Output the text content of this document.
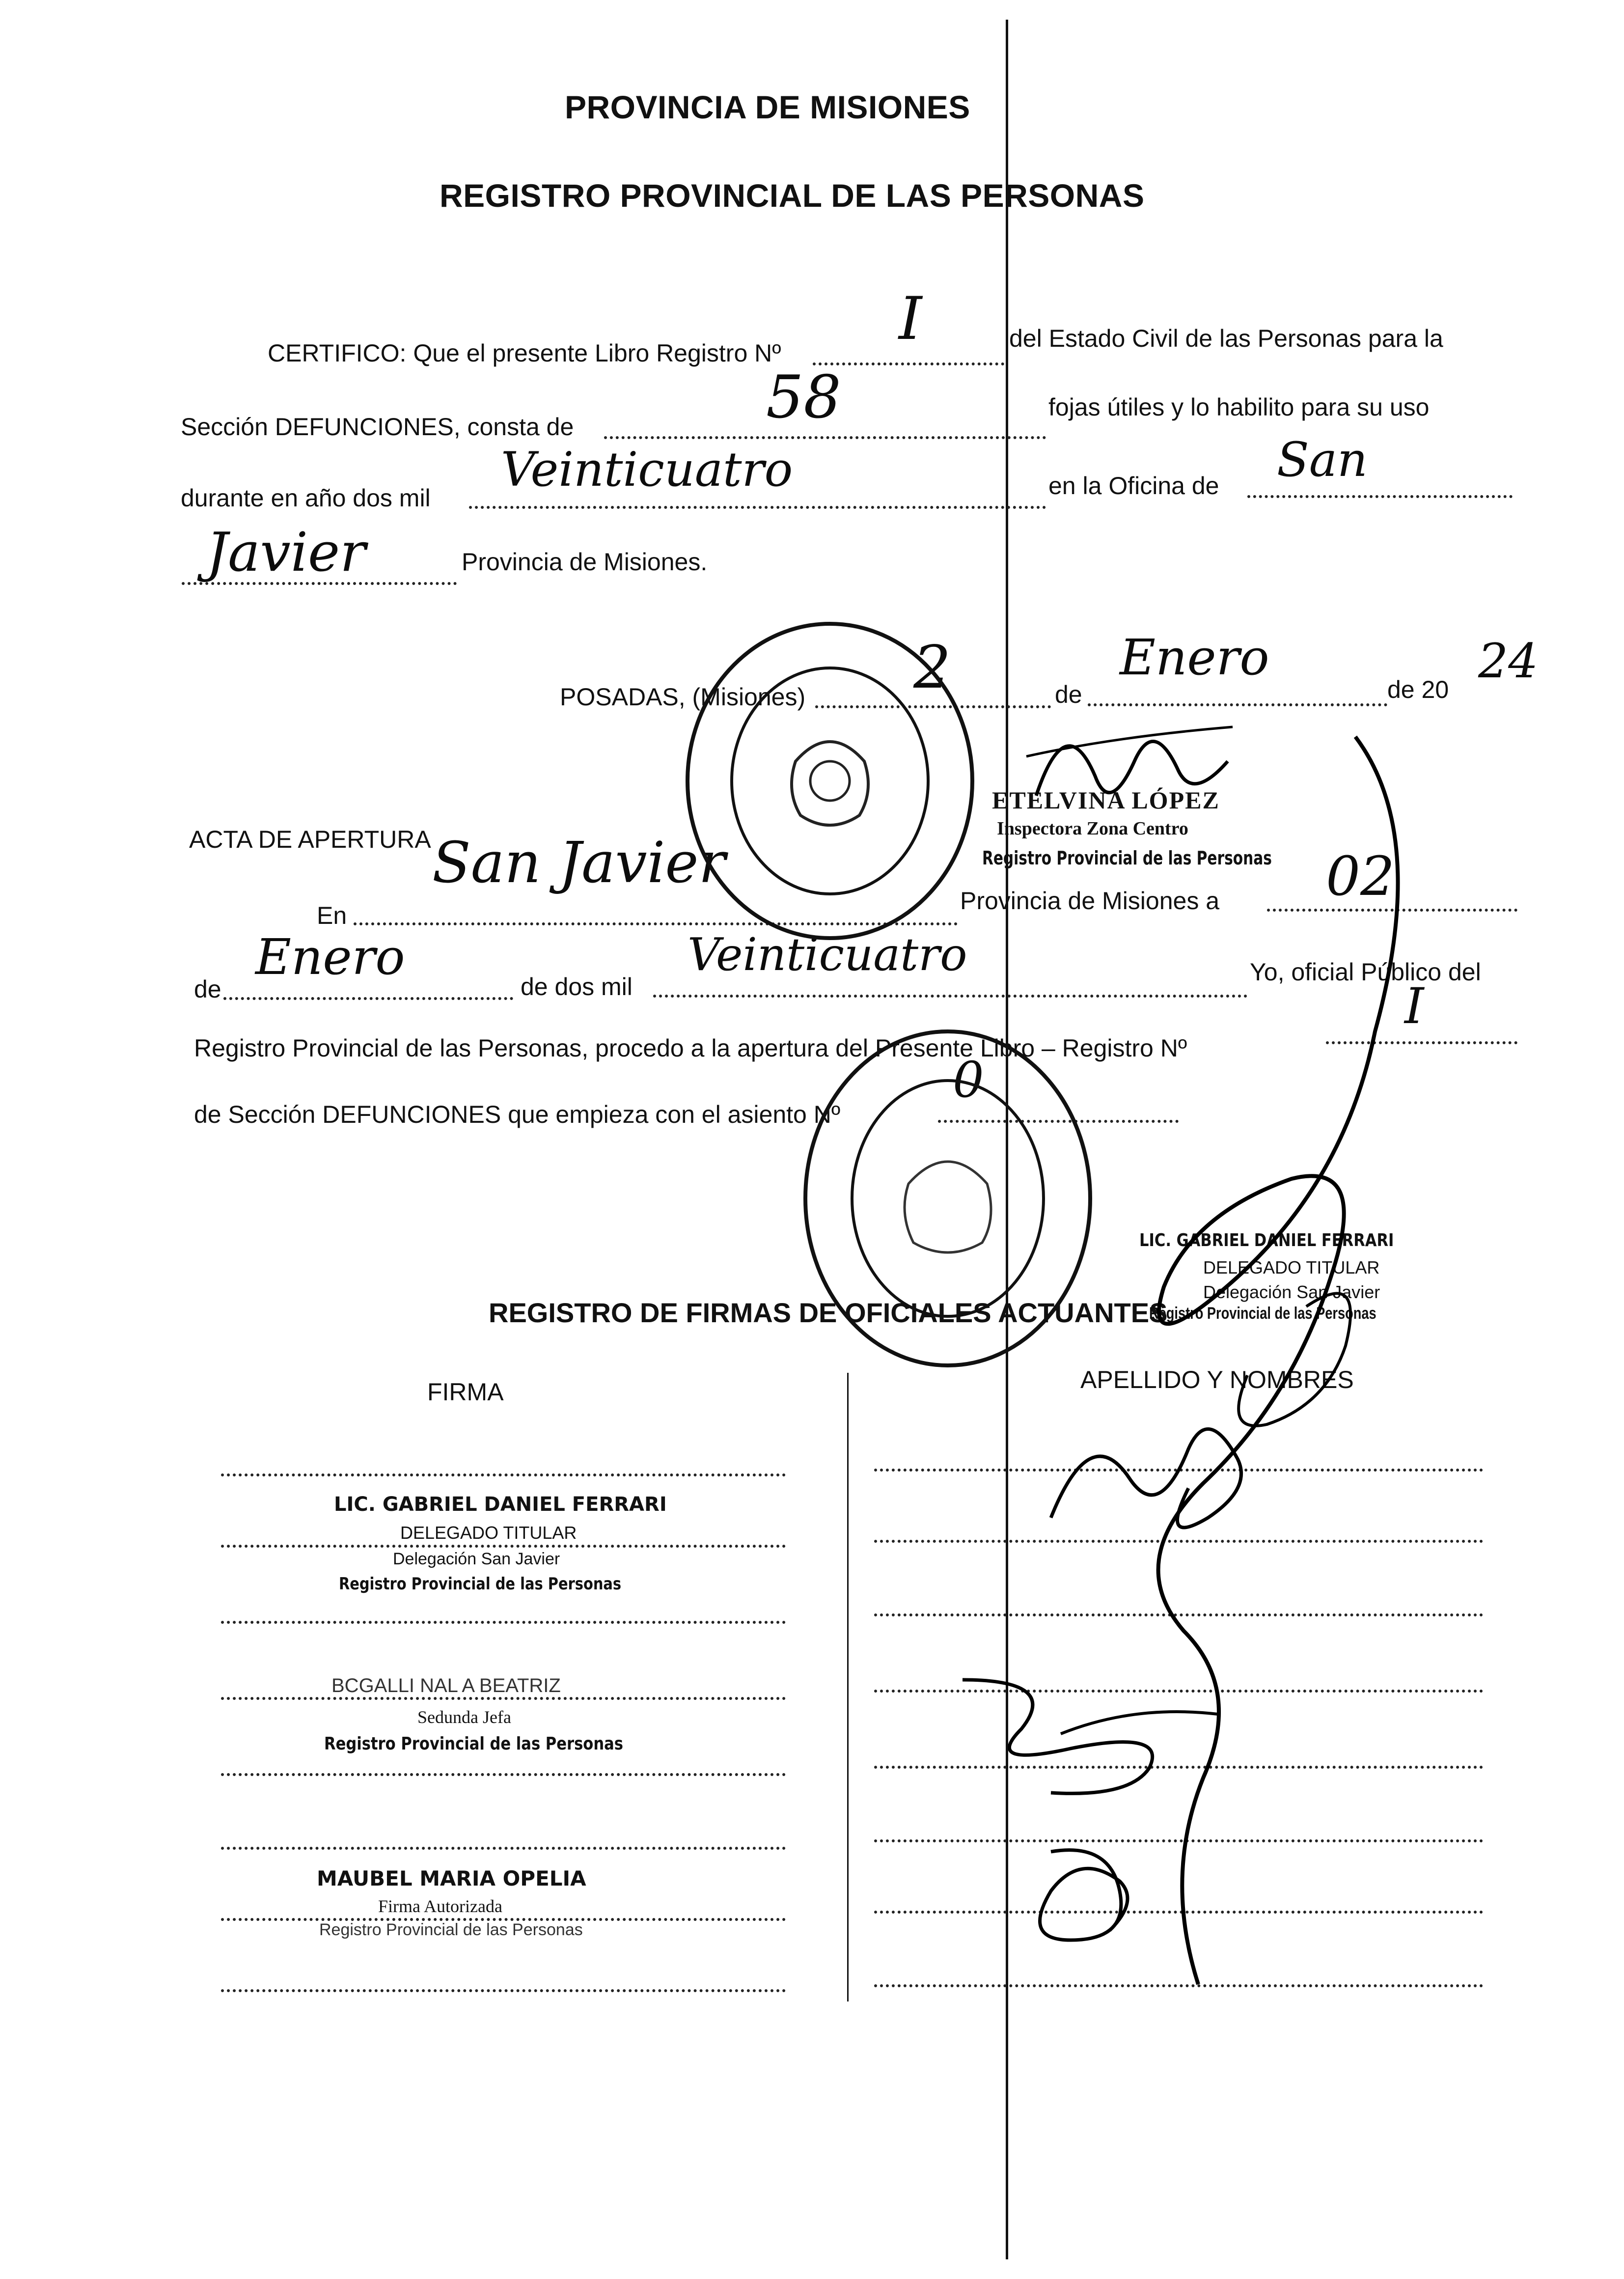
PROVINCIA DE MISIONES
REGISTRO PROVINCIAL DE LAS PERSONAS
CERTIFICO: Que el presente Libro Registro Nº I	del Estado Civil de las Personas para la
Sección DEFUNCIONES, consta de	58	fojas útiles y lo habilito para su uso
durante en año dos mil
Veinticuatro	en la Oficina de San
Javier	Provincia de Misiones.
POSADAS, (Misiones) 2	de
Enero
de 20
24
ETELVINA LÓPEZ
Inspectora Zona Centro
Registro Provincial de las Personas
ACTA DE APERTURA
En
San Javier
Provincia de Misiones a 02
de
Enero
de dos mil
Veinticuatro	Yo, oficial Público del
Registro Provincial de las Personas, procedo a la apertura del Presente Libro – Registro Nº
I
de Sección DEFUNCIONES que empieza con el asiento Nº
0
LIC. GABRIEL DANIEL FERRARI
DELEGADO TITULAR
Delegación San Javier
Registro Provincial de las Personas
REGISTRO DE FIRMAS DE OFICIALES ACTUANTES
FIRMA	APELLIDO Y NOMBRES
LIC. GABRIEL DANIEL FERRARI
DELEGADO TITULAR
Delegación San Javier
Registro Provincial de las Personas
BCGALLI NAL A BEATRIZ
Sedunda Jefa
Registro Provincial de las Personas
MAUBEL MARIA OPELIA
Firma Autorizada
Registro Provincial de las Personas
